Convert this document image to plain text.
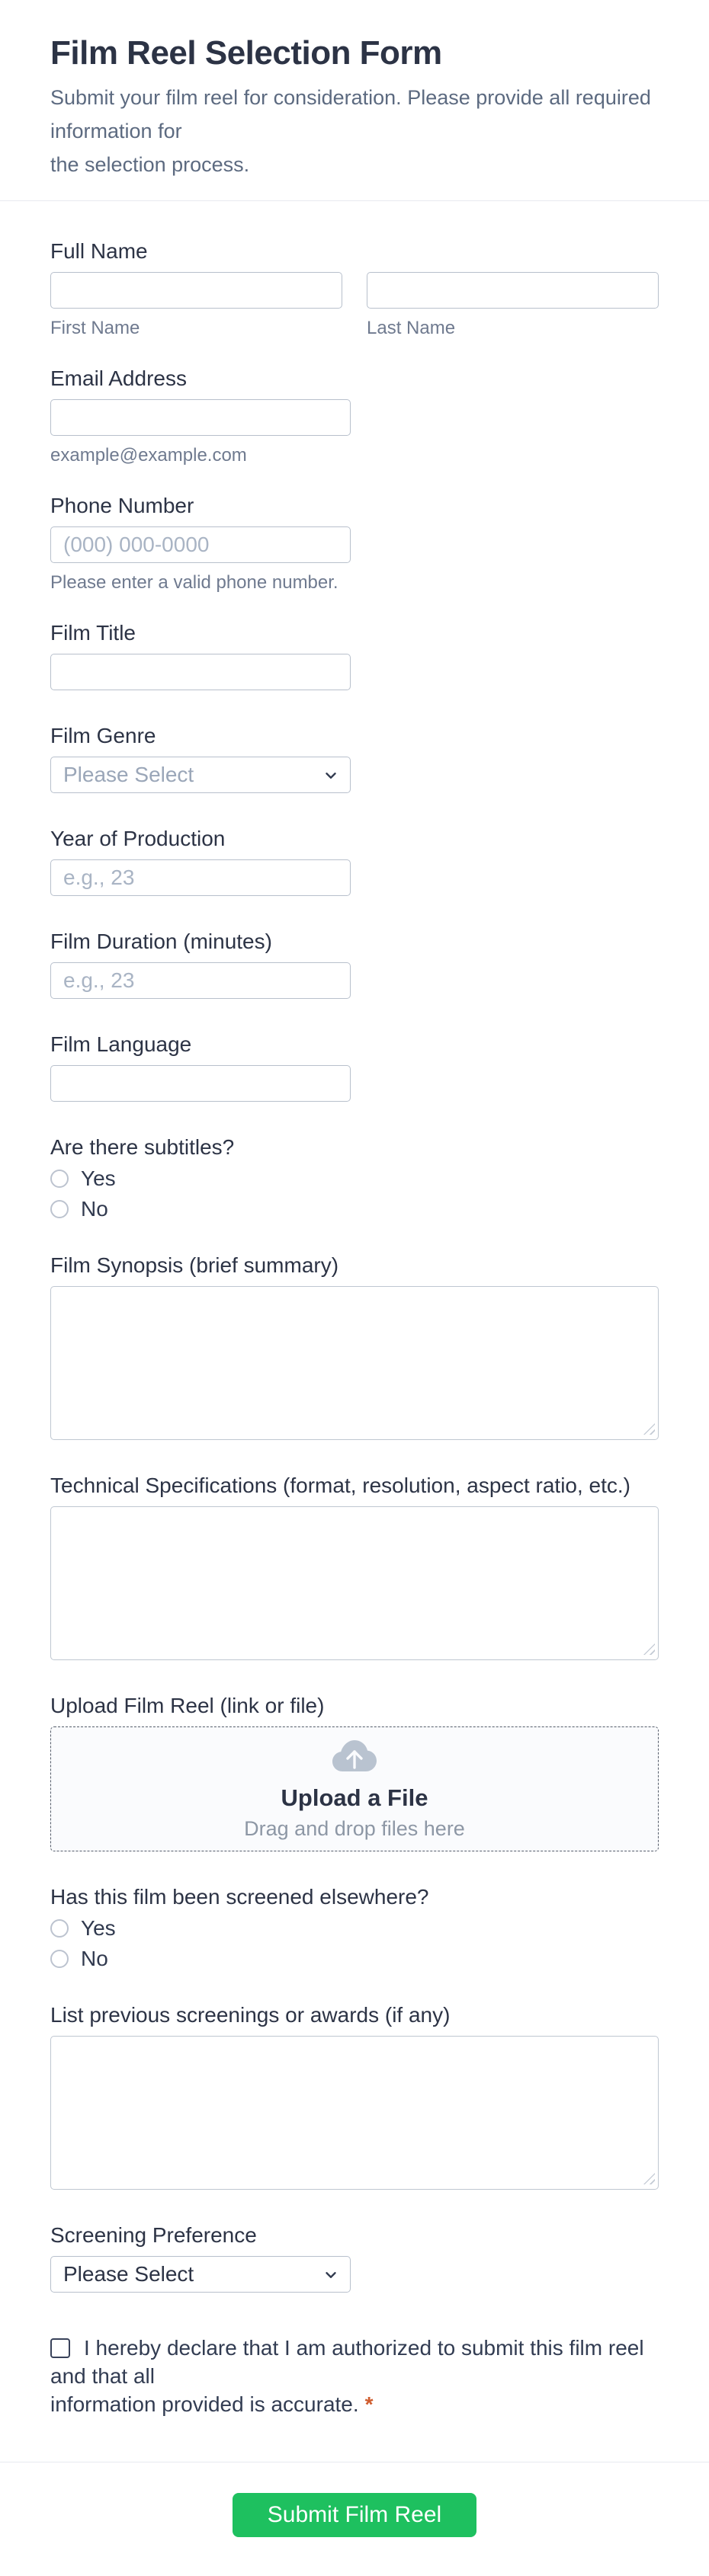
Film Reel Selection Form
Submit your film reel for consideration. Please provide all required information for
the selection process.
Full Name
First Name	Last Name
Email Address
example@example.com
Phone Number
(000) 000-0000
Please enter a valid phone number.
Film Title
Film Genre
Please Select
Year of Production
e.g., 23
Film Duration (minutes)
e.g., 23
Film Language
Are there subtitles?
Yes
No
Film Synopsis (brief summary)
Technical Specifications (format, resolution, aspect ratio, etc.)
Upload Film Reel (link or file)
Upload a File
Drag and drop files here
Has this film been screened elsewhere?
Yes
No
List previous screenings or awards (if any)
Screening Preference
Please Select
I hereby declare that I am authorized to submit this film reel and that all
information provided is accurate. *
Submit Film Reel
